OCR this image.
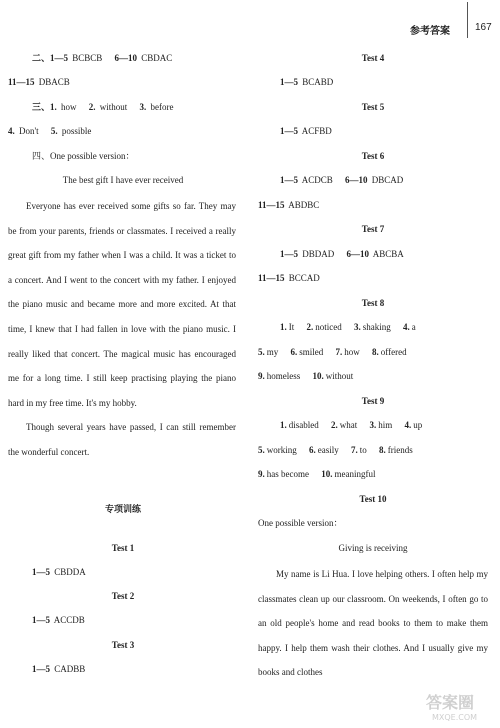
参考答案	167
二、1—5 BCBCB 6—10 CBDAC
11—15 DBACB
三、1. how 2. without 3. before
4. Don't 5. possible
四、One possible version：
The best gift I have ever received

Everyone has ever received some gifts so far. They may be from your parents, friends or classmates. I received a really great gift from my father when I was a child. It was a ticket to a concert. And I went to the concert with my father. I enjoyed the piano music and became more and more excited. At that time, I knew that I had fallen in love with the piano music. I really liked that concert. The magical music has encouraged me for a long time. I still keep practising playing the piano hard in my free time. It's my hobby.

Though several years have passed, I can still remember the wonderful concert.

专项训练
Test 1
1—5 CBDDA
Test 2
1—5 ACCDB
Test 3
1—5 CADBB
Test 4
1—5 BCABD
Test 5
1—5 ACFBD
Test 6
1—5 ACDCB 6—10 DBCAD
11—15 ABDBC
Test 7
1—5 DBDAD 6—10 ABCBA
11—15 BCCAD
Test 8
1. It 2. noticed 3. shaking 4. a
5. my 6. smiled 7. how 8. offered
9. homeless 10. without
Test 9
1. disabled 2. what 3. him 4. up
5. working 6. easily 7. to 8. friends
9. has become 10. meaningful
Test 10
One possible version：
Giving is receiving

My name is Li Hua. I love helping others. I often help my classmates clean up our classroom. On weekends, I often go to an old people's home and read books to them to make them happy. I help them wash their clothes. And I usually give my books and clothes

答案圈
MXQE.COM
